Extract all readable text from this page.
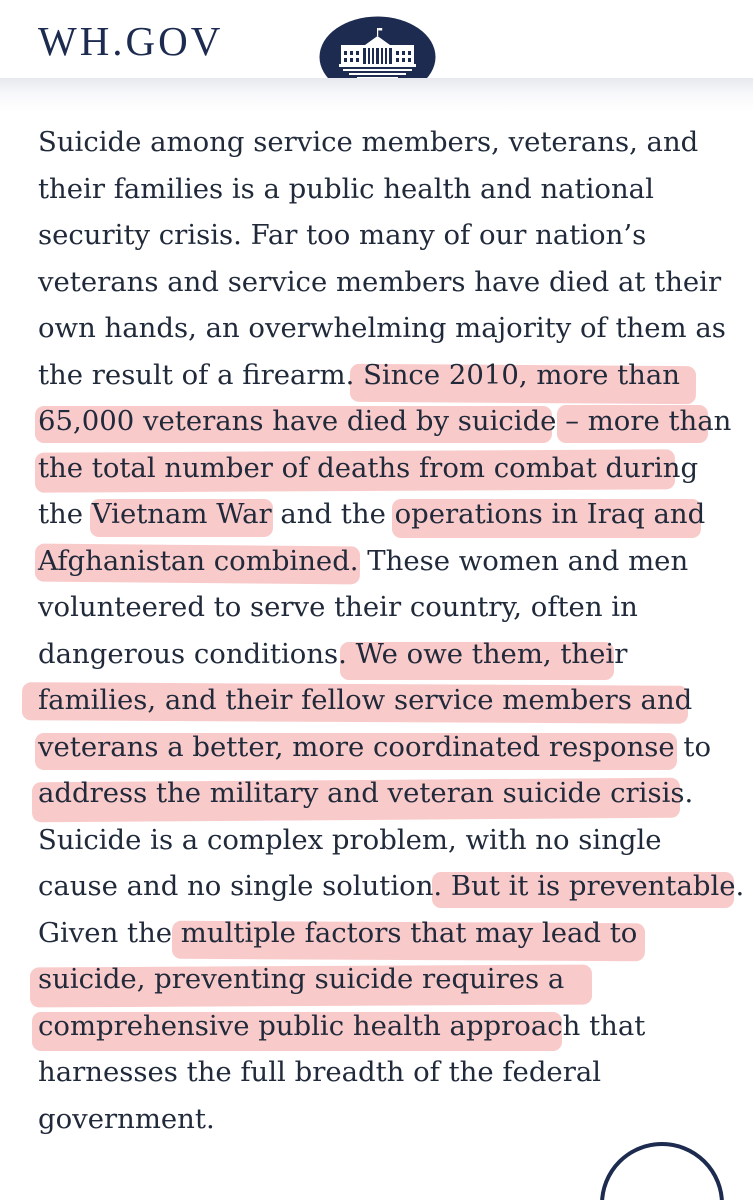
WH.GOV
Suicide among service members, veterans, and
their families is a public health and national
security crisis. Far too many of our nation’s
veterans and service members have died at their
own hands, an overwhelming majority of them as
the result of a firearm. Since 2010, more than
65,000 veterans have died by suicide – more than
the total number of deaths from combat during
the Vietnam War and the operations in Iraq and
Afghanistan combined. These women and men
volunteered to serve their country, often in
dangerous conditions. We owe them, their
families, and their fellow service members and
veterans a better, more coordinated response to
address the military and veteran suicide crisis.
Suicide is a complex problem, with no single
cause and no single solution. But it is preventable.
Given the multiple factors that may lead to
suicide, preventing suicide requires a
comprehensive public health approach that
harnesses the full breadth of the federal
government.
